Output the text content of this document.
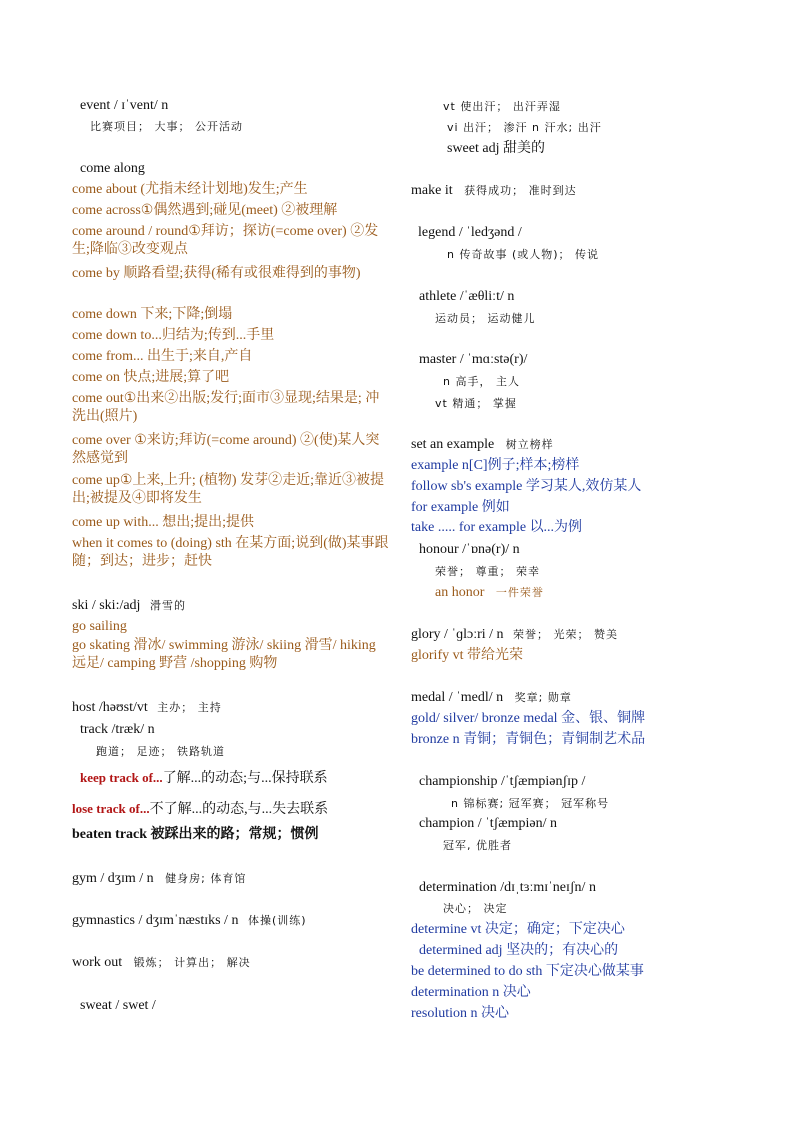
event / ɪˈvent/ n
比赛项目； 大事； 公开活动
come along
come about (尤指未经计划地)发生;产生
come across①偶然遇到;碰见(meet) ②被理解
come around / round①拜访；探访(=come over) ②发生;降临③改变观点
come by 顺路看望;获得(稀有或很难得到的事物)
come down 下来;下降;倒塌
come down to...归结为;传到...手里
come from... 出生于;来自,产自
come on 快点;进展;算了吧
come out①出来②出版;发行;面市③显现;结果是; 冲洗出(照片)
come over ①来访;拜访(=come around) ②(使)某人突然感觉到
come up①上来,上升; (植物) 发芽②走近;靠近③被提出;被提及④即将发生
come up with... 想出;提出;提供
when it comes to (doing) sth 在某方面;说到(做)某事跟随；到达；进步；赶快
ski / ski:/adj 滑雪的
go sailing
go skating 滑冰/ swimming 游泳/ skiing 滑雪/ hiking 远足/ camping 野营 /shopping 购物
host /həʊst/vt 主办； 主持
track /træk/ n
跑道； 足迹； 铁路轨道
keep track of...了解...的动态;与...保持联系
lose track of...不了解...的动态,与...失去联系
beaten track 被踩出来的路；常规；惯例
gym / dʒɪm / n 健身房; 体育馆
gymnastics / dʒɪmˈnæstɪks / n 体操(训练)
work out 锻炼； 计算出； 解决
sweat / swet /
vt 使出汗； 出汗弄湿
vi 出汗； 渗汗 n 汗水; 出汗
sweet adj 甜美的
make it 获得成功； 准时到达
legend / ˈledʒənd /
n 传奇故事 (或人物)； 传说
athlete /ˈæθliːt/ n
运动员； 运动健儿
master / ˈmɑːstə(r)/
n 高手， 主人
vt 精通； 掌握
set an example 树立榜样
example n[C]例子;样本;榜样
follow sb's example 学习某人,效仿某人
for example 例如
take ..... for example 以...为例
honour /ˈɒnə(r)/ n
荣誉； 尊重； 荣幸
an honor 一件荣誉
glory / ˈɡlɔːri / n 荣誉； 光荣； 赞美
glorify vt 带给光荣
medal / ˈmedl/ n 奖章; 勋章
gold/ silver/ bronze medal 金、银、铜牌
bronze n 青铜；青铜色；青铜制艺术品
championship /ˈtʃæmpiənʃɪp /
n 锦标赛; 冠军赛； 冠军称号
champion / ˈtʃæmpiən/ n
冠军, 优胜者
determination /dɪˌtɜːmɪˈneɪʃn/ n
决心； 决定
determine vt 决定；确定；下定决心
determined adj 坚决的；有决心的
be determined to do sth 下定决心做某事
determination n 决心
resolution n 决心
